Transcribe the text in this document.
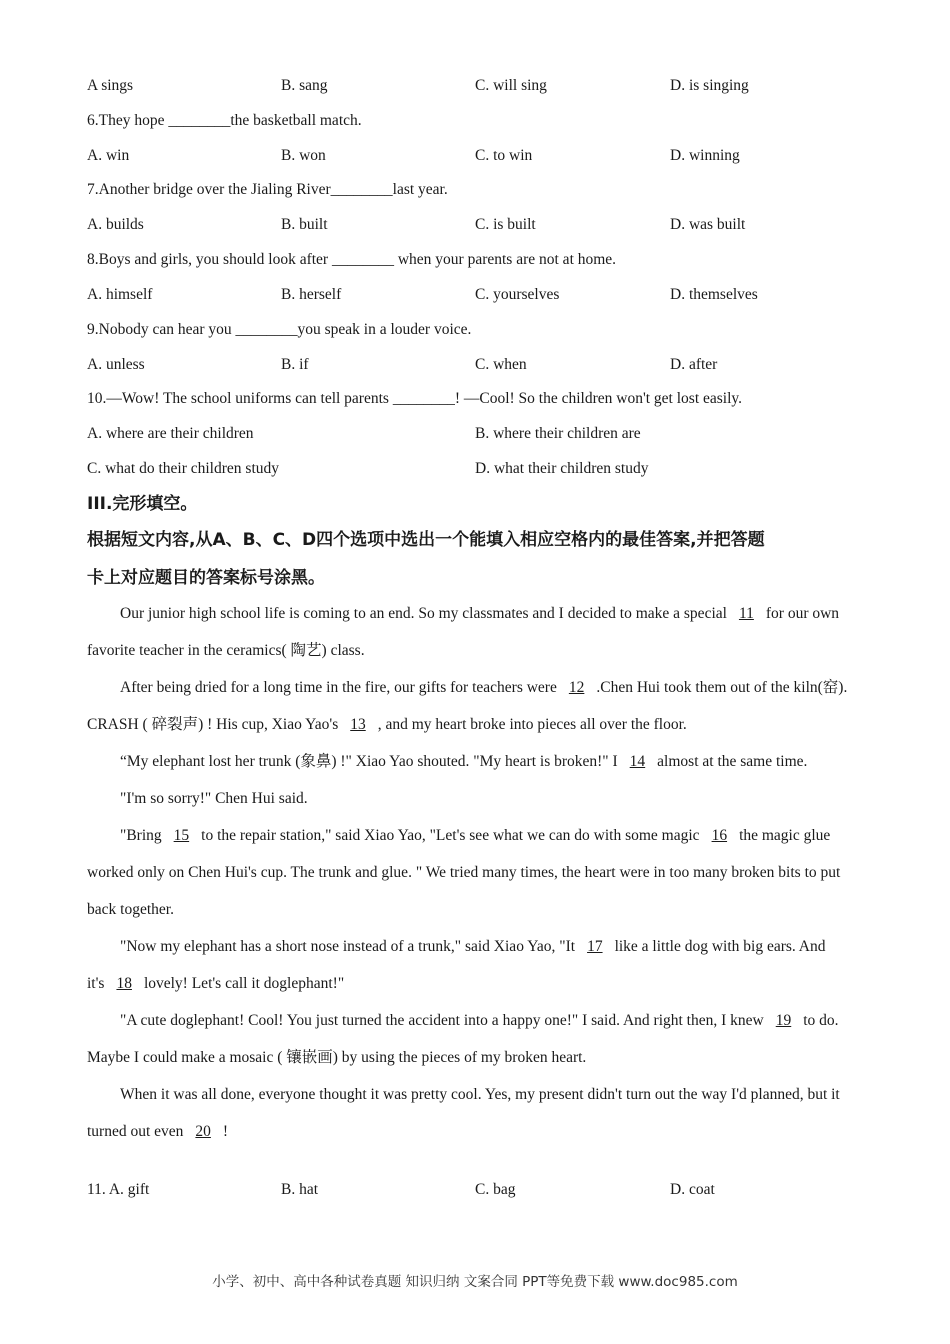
A sings	B. sang	C. will sing	D. is singing
6.They hope ________the basketball match.
A. win	B. won	C. to win	D. winning
7.Another bridge over the Jialing River________last year.
A. builds	B. built	C. is built	D. was built
8.Boys and girls, you should look after ________ when your parents are not at home.
A. himself	B. herself	C. yourselves	D. themselves
9.Nobody can hear you ________you speak in a louder voice.
A. unless	B. if	C. when	D. after
10.—Wow! The school uniforms can tell parents ________! —Cool! So the children won't get lost easily.
A. where are their children	B. where their children are
C. what do their children study	D. what their children study
III.完形填空。
根据短文内容,从A、B、C、D四个选项中选出一个能填入相应空格内的最佳答案,并把答题
卡上对应题目的答案标号涂黑。

Our junior high school life is coming to an end. So my classmates and I decided to make a special 11 for our own favorite teacher in the ceramics( 陶艺) class.

After being dried for a long time in the fire, our gifts for teachers were 12 .Chen Hui took them out of the kiln(窑). CRASH ( 碎裂声) ! His cup, Xiao Yao's 13 , and my heart broke into pieces all over the floor.

“My elephant lost her trunk (象鼻) !" Xiao Yao shouted. "My heart is broken!" I 14 almost at the same time.

"I'm so sorry!" Chen Hui said.

"Bring 15 to the repair station," said Xiao Yao, "Let's see what we can do with some magic 16 the magic glue worked only on Chen Hui's cup. The trunk and glue. " We tried many times, the heart were in too many broken bits to put back together.

"Now my elephant has a short nose instead of a trunk," said Xiao Yao, "It 17 like a little dog with big ears. And it's 18 lovely! Let's call it doglephant!"

"A cute doglephant! Cool! You just turned the accident into a happy one!" I said. And right then, I knew 19 to do. Maybe I could make a mosaic ( 镶嵌画) by using the pieces of my broken heart.

When it was all done, everyone thought it was pretty cool. Yes, my present didn't turn out the way I'd planned, but it turned out even 20 !

11. A. gift	B. hat	C. bag	D. coat
小学、初中、高中各种试卷真题 知识归纳 文案合同 PPT等免费下载 www.doc985.com
